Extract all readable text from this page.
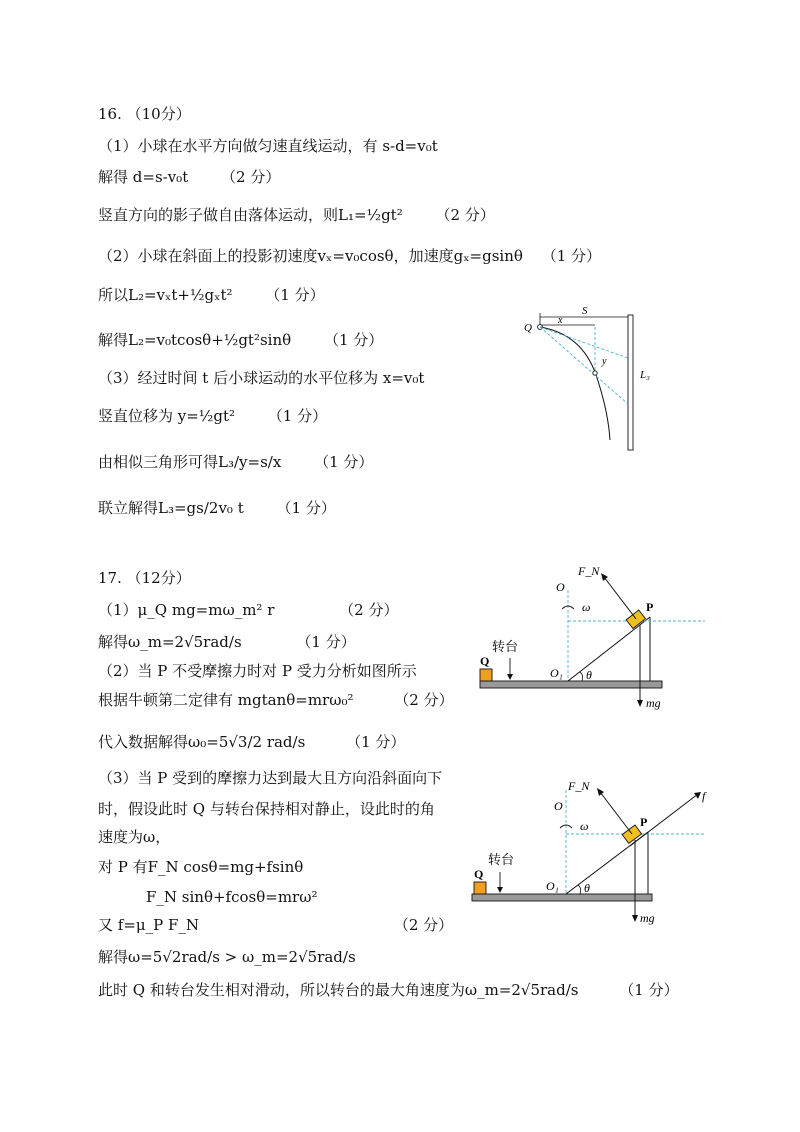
16. （10分）
（1）小球在水平方向做匀速直线运动，有 s-d=v₀t
解得 d=s-v₀t （2 分）
竖直方向的影子做自由落体运动，则L₁=½gt² （2 分）
（2）小球在斜面上的投影初速度vₓ=v₀cosθ，加速度gₓ=gsinθ （1 分）
所以L₂=vₓt+½gₓt² （1 分）
解得L₂=v₀tcosθ+½gt²sinθ （1 分）
（3）经过时间 t 后小球运动的水平位移为 x=v₀t
竖直位移为 y=½gt² （1 分）
由相似三角形可得L₃/y=s/x （1 分）
联立解得L₃=gs/2v₀ t （1 分）
S
x
L₃
Q
y
17. （12分）
（1）μ_Q mg=mω_m² r	（2 分）
解得ω_m=2√5rad/s	（1 分）
（2）当 P 不受摩擦力时对 P 受力分析如图所示
根据牛顿第二定律有 mgtanθ=mrω₀²	（2 分）
代入数据解得ω₀=5√3/2 rad/s	（1 分）
（3）当 P 受到的摩擦力达到最大且方向沿斜面向下
时，假设此时 Q 与转台保持相对静止，设此时的角
速度为ω，
对 P 有F_N cosθ=mg+fsinθ
F_N sinθ+fcosθ=mrω²
又 f=μ_P F_N	（2 分）
解得ω=5√2rad/s > ω_m=2√5rad/s
此时 Q 和转台发生相对滑动，所以转台的最大角速度为ω_m=2√5rad/s	（1 分）
Q
转台
O
ω
O₁ θ
P
F_N
mg
Q
转台
O
ω
O₁ θ
f
P
F_N
mg
